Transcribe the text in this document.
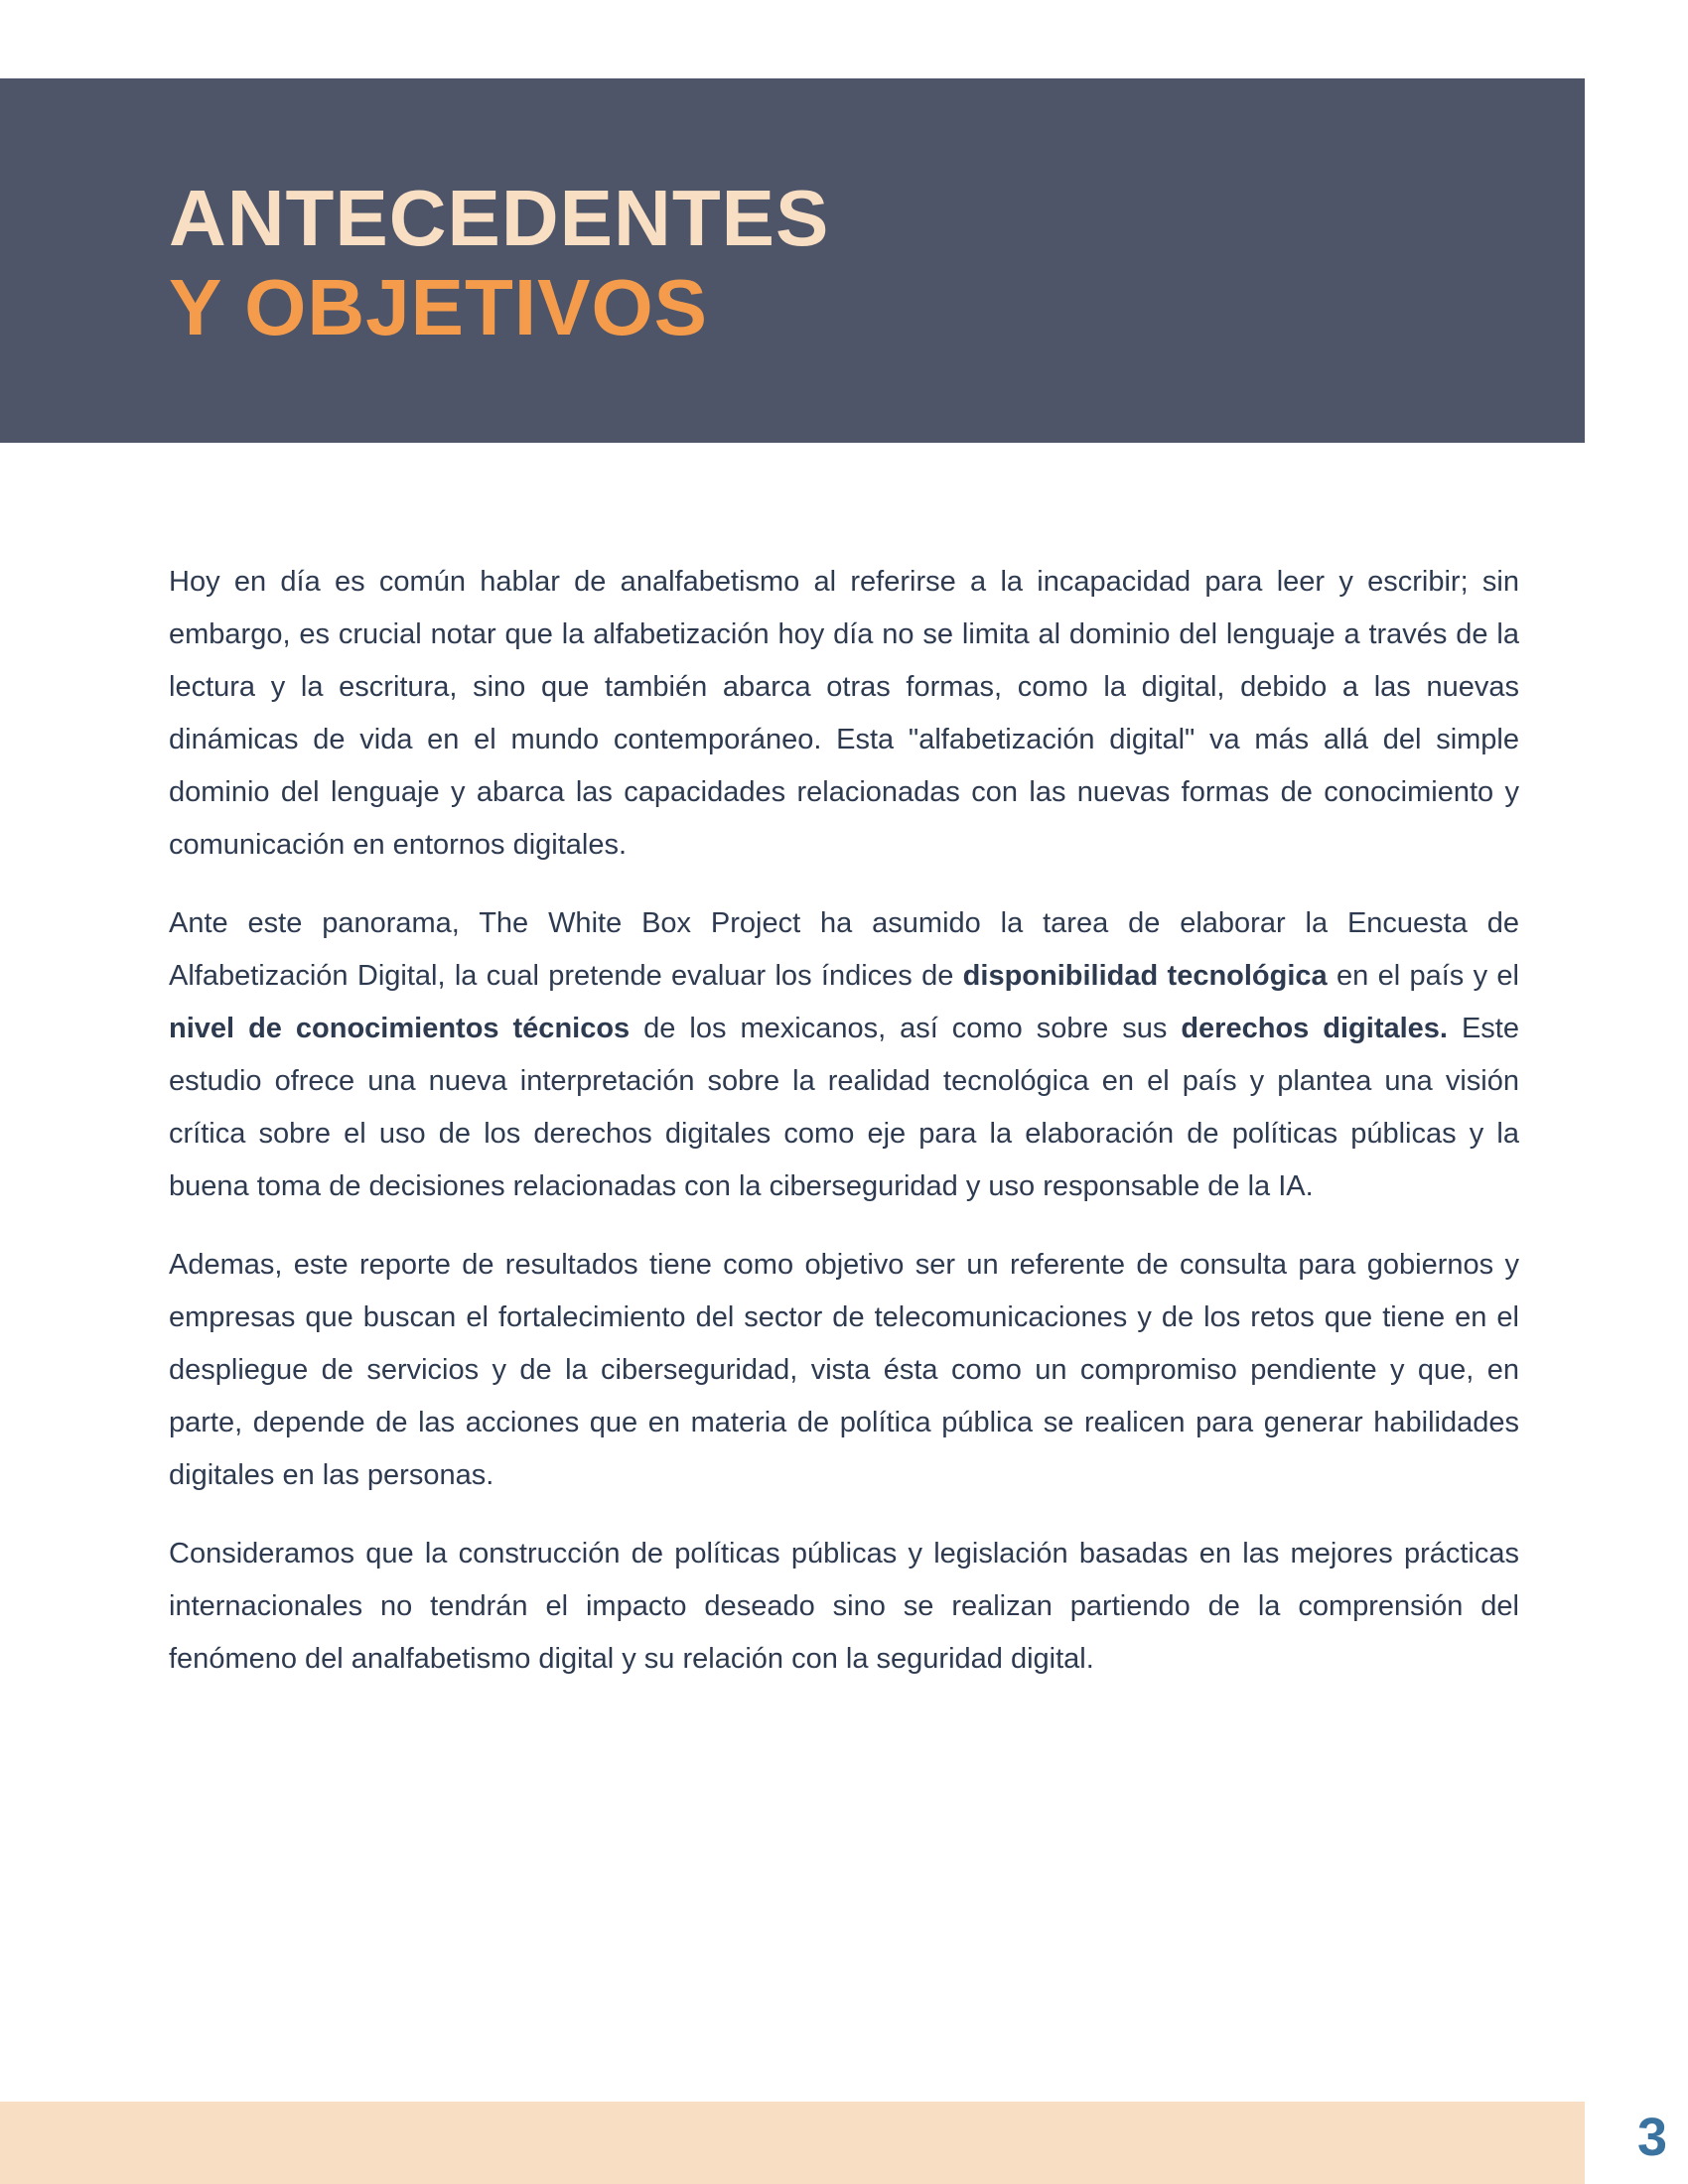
ANTECEDENTES
Y OBJETIVOS

Hoy en día es común hablar de analfabetismo al referirse a la incapacidad para leer y escribir; sin embargo, es crucial notar que la alfabetización hoy día no se limita al dominio del lenguaje a través de la lectura y la escritura, sino que también abarca otras formas, como la digital, debido a las nuevas dinámicas de vida en el mundo contemporáneo. Esta "alfabetización digital" va más allá del simple dominio del lenguaje y abarca las capacidades relacionadas con las nuevas formas de conocimiento y comunicación en entornos digitales.

Ante este panorama, The White Box Project ha asumido la tarea de elaborar la Encuesta de Alfabetización Digital, la cual pretende evaluar los índices de disponibilidad tecnológica en el país y el nivel de conocimientos técnicos de los mexicanos, así como sobre sus derechos digitales. Este estudio ofrece una nueva interpretación sobre la realidad tecnológica en el país y plantea una visión crítica sobre el uso de los derechos digitales como eje para la elaboración de políticas públicas y la buena toma de decisiones relacionadas con la ciberseguridad y uso responsable de la IA.

Ademas, este reporte de resultados tiene como objetivo ser un referente de consulta para gobiernos y empresas que buscan el fortalecimiento del sector de telecomunicaciones y de los retos que tiene en el despliegue de servicios y de la ciberseguridad, vista ésta como un compromiso pendiente y que, en parte, depende de las acciones que en materia de política pública se realicen para generar habilidades digitales en las personas.

Consideramos que la construcción de políticas públicas y legislación basadas en las mejores prácticas internacionales no tendrán el impacto deseado sino se realizan partiendo de la comprensión del fenómeno del analfabetismo digital y su relación con la seguridad digital.

3
